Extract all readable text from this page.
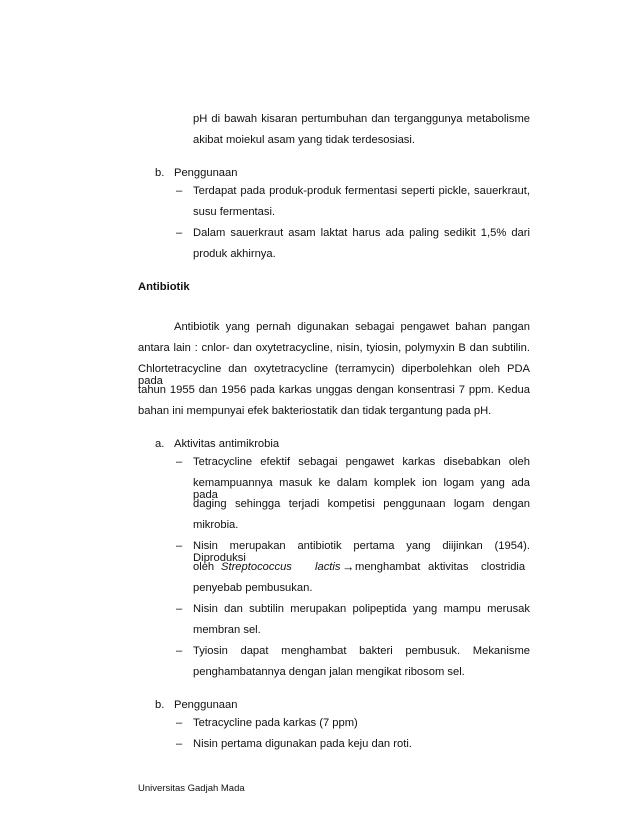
pH di bawah kisaran pertumbuhan dan terganggunya metabolisme
akibat moiekul asam yang tidak terdesosiasi.
b. Penggunaan
– Terdapat pada produk-produk fermentasi seperti pickle, sauerkraut,
susu fermentasi.
– Dalam sauerkraut asam laktat harus ada paling sedikit 1,5% dari
produk akhirnya.
Antibiotik
Antibiotik yang pernah digunakan sebagai pengawet bahan pangan
antara lain : cnlor- dan oxytetracycline, nisin, tyiosin, polymyxin B dan subtilin.
Chlortetracycline dan oxytetracycline (terramycin) diperbolehkan oleh PDA pada
tahun 1955 dan 1956 pada karkas unggas dengan konsentrasi 7 ppm. Kedua
bahan ini mempunyai efek bakteriostatik dan tidak tergantung pada pH.
a. Aktivitas antimikrobia
– Tetracycline efektif sebagai pengawet karkas disebabkan oleh
kemampuannya masuk ke dalam komplek ion logam yang ada pada
daging sehingga terjadi kompetisi penggunaan logam dengan
mikrobia.
– Nisin merupakan antibiotik pertama yang diijinkan (1954). Diproduksi
oleh Streptococcus lactis → menghambat aktivitas clostridia
penyebab pembusukan.
– Nisin dan subtilin merupakan polipeptida yang mampu merusak
membran sel.
– Tyiosin dapat menghambat bakteri pembusuk. Mekanisme
penghambatannya dengan jalan mengikat ribosom sel.
b. Penggunaan
– Tetracycline pada karkas (7 ppm)
– Nisin pertama digunakan pada keju dan roti.
Universitas Gadjah Mada
